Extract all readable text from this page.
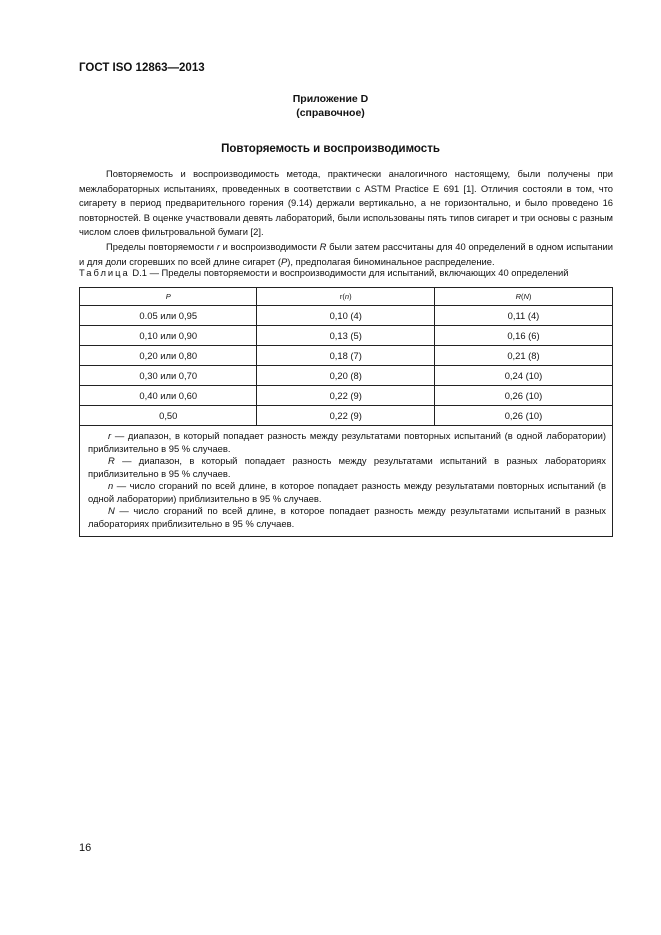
ГОСТ ISO 12863—2013
Приложение D
(справочное)
Повторяемость и воспроизводимость

Повторяемость и воспроизводимость метода, практически аналогичного настоящему, были получены при межлабораторных испытаниях, проведенных в соответствии с ASTM Practice E 691 [1]. Отличия состояли в том, что сигарету в период предварительного горения (9.14) держали вертикально, а не горизонтально, и было проведено 16 повторностей. В оценке участвовали девять лабораторий, были использованы пять типов сигарет и три основы с разным числом слоев фильтровальной бумаги [2].

Пределы повторяемости r и воспроизводимости R были затем рассчитаны для 40 определений в одном испытании и для доли сгоревших по всей длине сигарет (P), предполагая биноминальное распределение.

Таблица D.1 — Пределы повторяемости и воспроизводимости для испытаний, включающих 40 определений
P	r(n)	R(N)
0.05 или 0,95	0,10 (4)	0,11 (4)
0,10 или 0,90	0,13 (5)	0,16 (6)
0,20 или 0,80	0,18 (7)	0,21 (8)
0,30 или 0,70	0,20 (8)	0,24 (10)
0,40 или 0,60	0,22 (9)	0,26 (10)
0,50	0,22 (9)	0,26 (10)

r — диапазон, в который попадает разность между результатами повторных испытаний (в одной лаборатории) приблизительно в 95 % случаев.

R — диапазон, в который попадает разность между результатами испытаний в разных лабораториях приблизительно в 95 % случаев.

n — число сгораний по всей длине, в которое попадает разность между результатами повторных испытаний (в одной лаборатории) приблизительно в 95 % случаев.

N — число сгораний по всей длине, в которое попадает разность между результатами испытаний в разных лабораториях приблизительно в 95 % случаев.		

16
